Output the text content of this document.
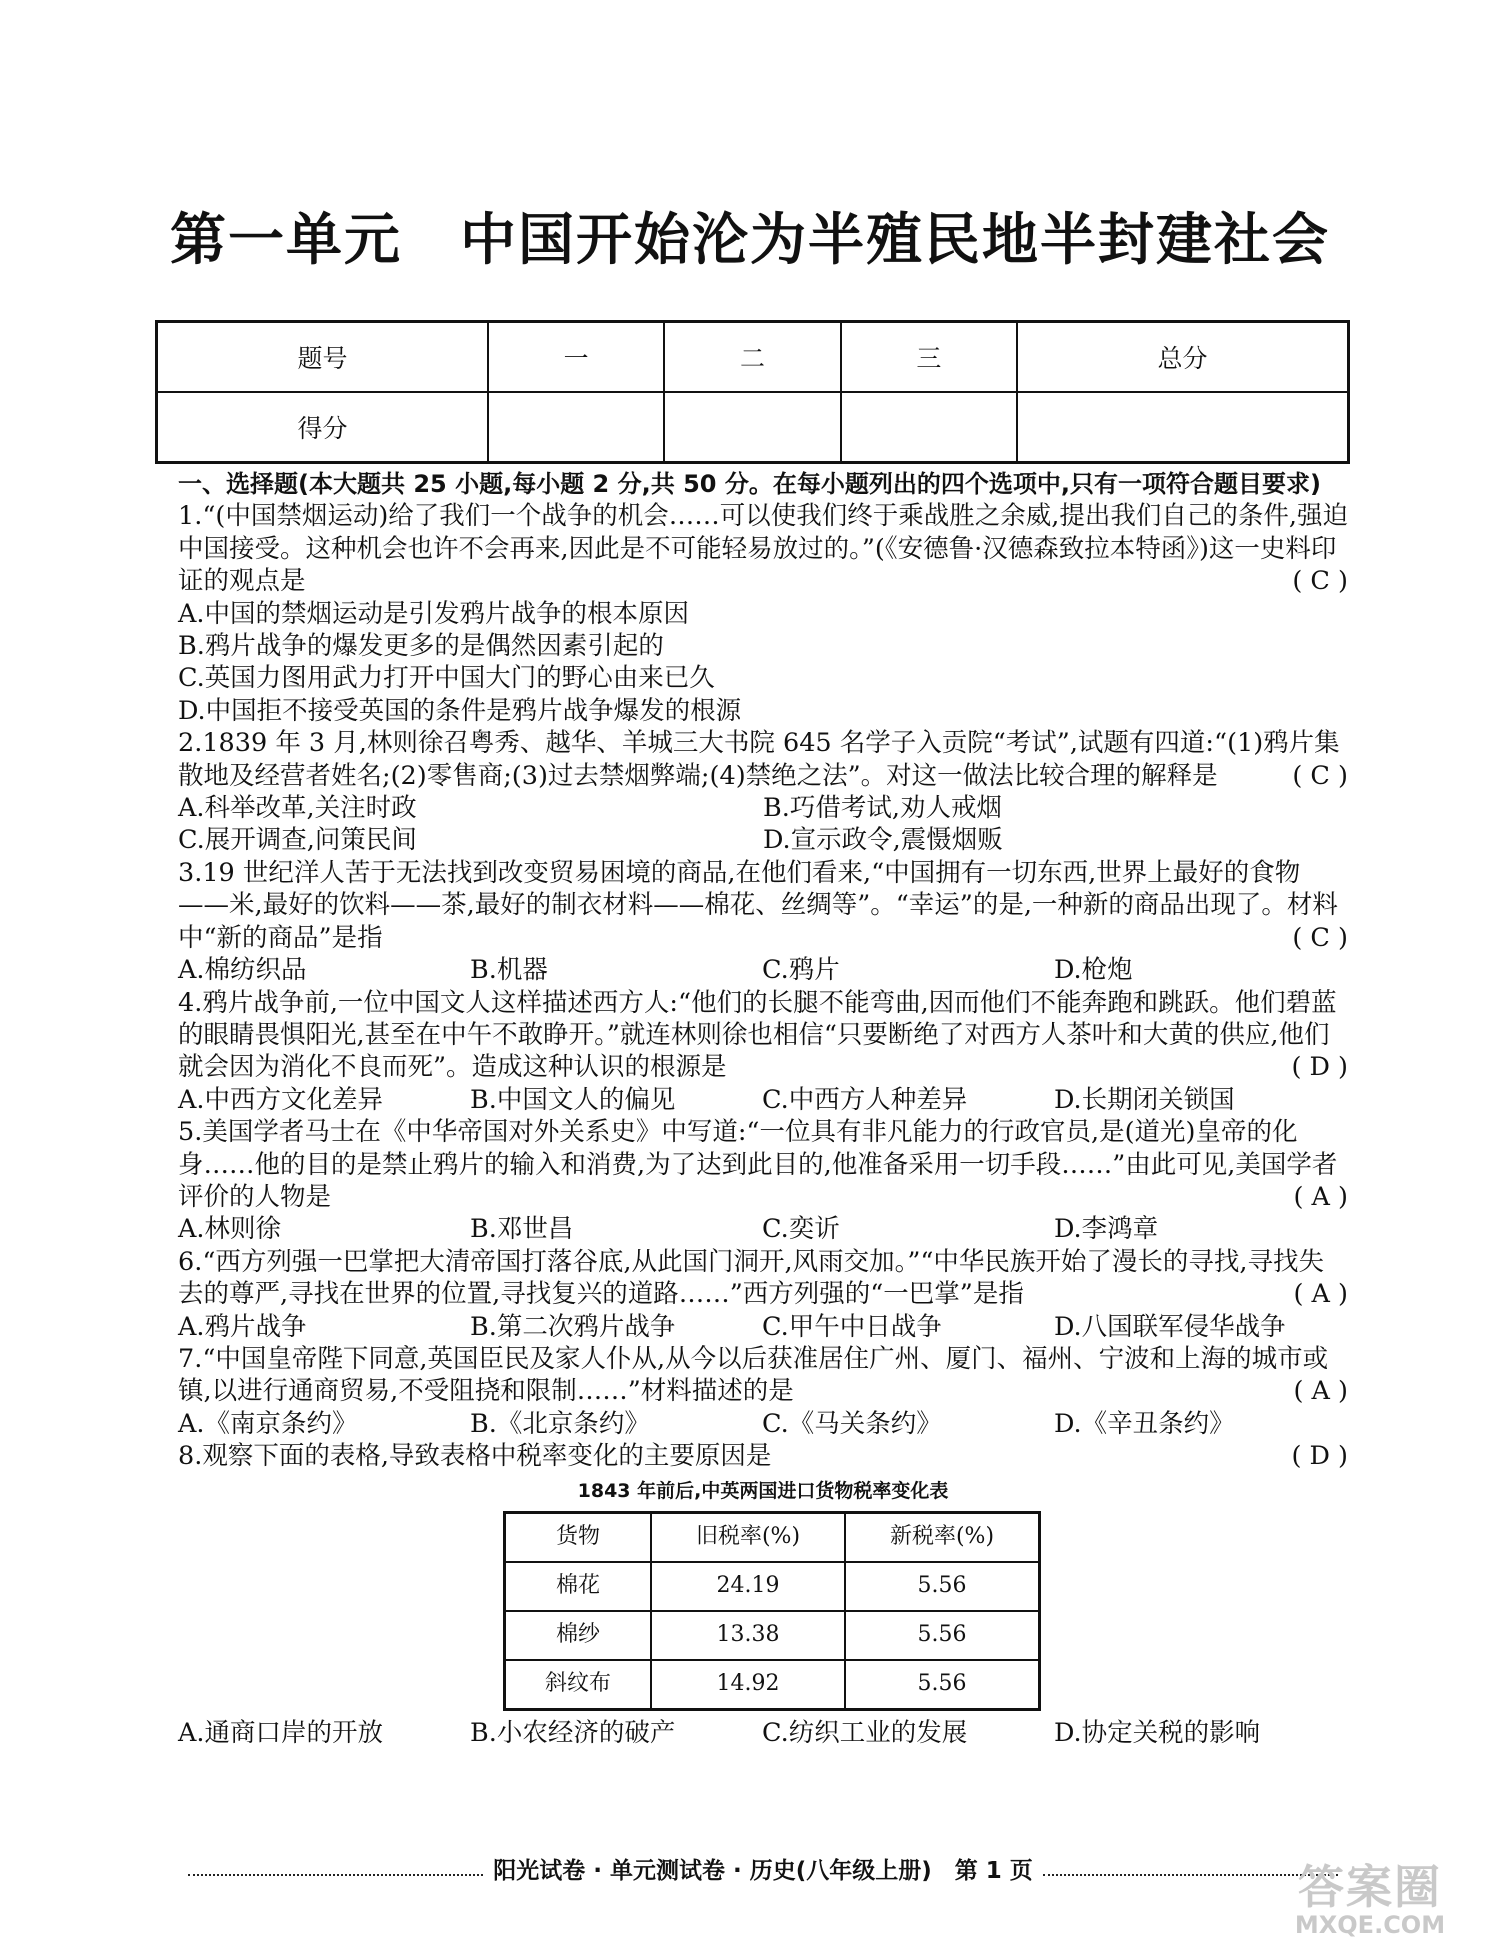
第一单元　中国开始沦为半殖民地半封建社会
题号	一	二	三	总分
得分				
一、选择题(本大题共 25 小题,每小题 2 分,共 50 分。在每小题列出的四个选项中,只有一项符合题目要求)
1.“(中国禁烟运动)给了我们一个战争的机会……可以使我们终于乘战胜之余威,提出我们自己的条件,强迫中国接受。这种机会也许不会再来,因此是不可能轻易放过的。”(《安德鲁·汉德森致拉本特函》)这一史料印证的观点是	( C )
A.中国的禁烟运动是引发鸦片战争的根本原因
B.鸦片战争的爆发更多的是偶然因素引起的
C.英国力图用武力打开中国大门的野心由来已久
D.中国拒不接受英国的条件是鸦片战争爆发的根源
2.1839 年 3 月,林则徐召粤秀、越华、羊城三大书院 645 名学子入贡院“考试”,试题有四道:“(1)鸦片集散地及经营者姓名;(2)零售商;(3)过去禁烟弊端;(4)禁绝之法”。对这一做法比较合理的解释是	( C )
A.科举改革,关注时政	B.巧借考试,劝人戒烟
C.展开调查,问策民间	D.宣示政令,震慑烟贩
3.19 世纪洋人苦于无法找到改变贸易困境的商品,在他们看来,“中国拥有一切东西,世界上最好的食物——米,最好的饮料——茶,最好的制衣材料——棉花、丝绸等”。“幸运”的是,一种新的商品出现了。材料中“新的商品”是指	( C )
A.棉纺织品	B.机器	C.鸦片	D.枪炮
4.鸦片战争前,一位中国文人这样描述西方人:“他们的长腿不能弯曲,因而他们不能奔跑和跳跃。他们碧蓝的眼睛畏惧阳光,甚至在中午不敢睁开。”就连林则徐也相信“只要断绝了对西方人茶叶和大黄的供应,他们就会因为消化不良而死”。造成这种认识的根源是	( D )
A.中西方文化差异	B.中国文人的偏见	C.中西方人种差异	D.长期闭关锁国
5.美国学者马士在《中华帝国对外关系史》中写道:“一位具有非凡能力的行政官员,是(道光)皇帝的化身……他的目的是禁止鸦片的输入和消费,为了达到此目的,他准备采用一切手段……”由此可见,美国学者评价的人物是	( A )
A.林则徐	B.邓世昌	C.奕䜣	D.李鸿章
6.“西方列强一巴掌把大清帝国打落谷底,从此国门洞开,风雨交加。”“中华民族开始了漫长的寻找,寻找失去的尊严,寻找在世界的位置,寻找复兴的道路……”西方列强的“一巴掌”是指	( A )
A.鸦片战争	B.第二次鸦片战争	C.甲午中日战争	D.八国联军侵华战争
7.“中国皇帝陛下同意,英国臣民及家人仆从,从今以后获准居住广州、厦门、福州、宁波和上海的城市或镇,以进行通商贸易,不受阻挠和限制……”材料描述的是	( A )
A.《南京条约》	B.《北京条约》	C.《马关条约》	D.《辛丑条约》
8.观察下面的表格,导致表格中税率变化的主要原因是	( D )
1843 年前后,中英两国进口货物税率变化表
货物	旧税率(%)	新税率(%)
棉花	24.19	5.56
棉纱	13.38	5.56
斜纹布	14.92	5.56
A.通商口岸的开放	B.小农经济的破产	C.纺织工业的发展	D.协定关税的影响
阳光试卷 · 单元测试卷 · 历史(八年级上册)　第 1 页	答案圈
MXQE.COM
